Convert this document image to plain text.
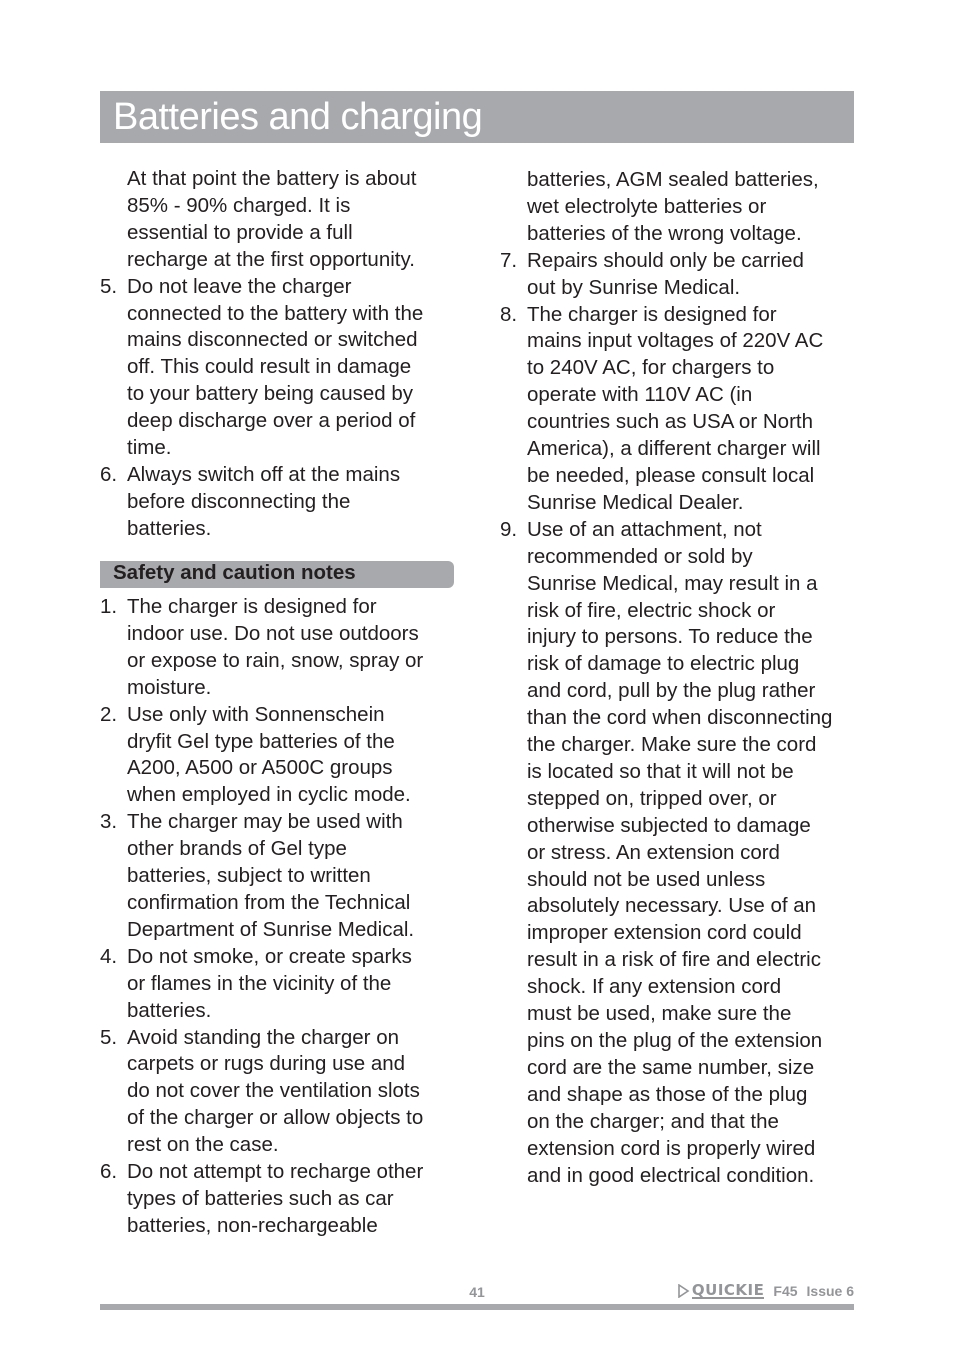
Batteries and charging
At that point the battery is about
85% - 90% charged. It is
essential to provide a full
recharge at the first opportunity.
5. Do not leave the charger
connected to the battery with the
mains disconnected or switched
off. This could result in damage
to your battery being caused by
deep discharge over a period of
time.
6. Always switch off at the mains
before disconnecting the
batteries.
Safety and caution notes
1. The charger is designed for
indoor use. Do not use outdoors
or expose to rain, snow, spray or
moisture.
2. Use only with Sonnenschein
dryfit Gel type batteries of the
A200, A500 or A500C groups
when employed in cyclic mode.
3. The charger may be used with
other brands of Gel type
batteries, subject to written
confirmation from the Technical
Department of Sunrise Medical.
4. Do not smoke, or create sparks
or flames in the vicinity of the
batteries.
5. Avoid standing the charger on
carpets or rugs during use and
do not cover the ventilation slots
of the charger or allow objects to
rest on the case.
6. Do not attempt to recharge other
types of batteries such as car
batteries, non-rechargeable
batteries, AGM sealed batteries,
wet electrolyte batteries or
batteries of the wrong voltage.
7. Repairs should only be carried
out by Sunrise Medical.
8. The charger is designed for
mains input voltages of 220V AC
to 240V AC, for chargers to
operate with 110V AC (in
countries such as USA or North
America), a different charger will
be needed, please consult local
Sunrise Medical Dealer.
9. Use of an attachment, not
recommended or sold by
Sunrise Medical, may result in a
risk of fire, electric shock or
injury to persons. To reduce the
risk of damage to electric plug
and cord, pull by the plug rather
than the cord when disconnecting
the charger. Make sure the cord
is located so that it will not be
stepped on, tripped over, or
otherwise subjected to damage
or stress. An extension cord
should not be used unless
absolutely necessary. Use of an
improper extension cord could
result in a risk of fire and electric
shock. If any extension cord
must be used, make sure the
pins on the plug of the extension
cord are the same number, size
and shape as those of the plug
on the charger; and that the
extension cord is properly wired
and in good electrical condition.
41	QUICKIE F45 Issue 6
